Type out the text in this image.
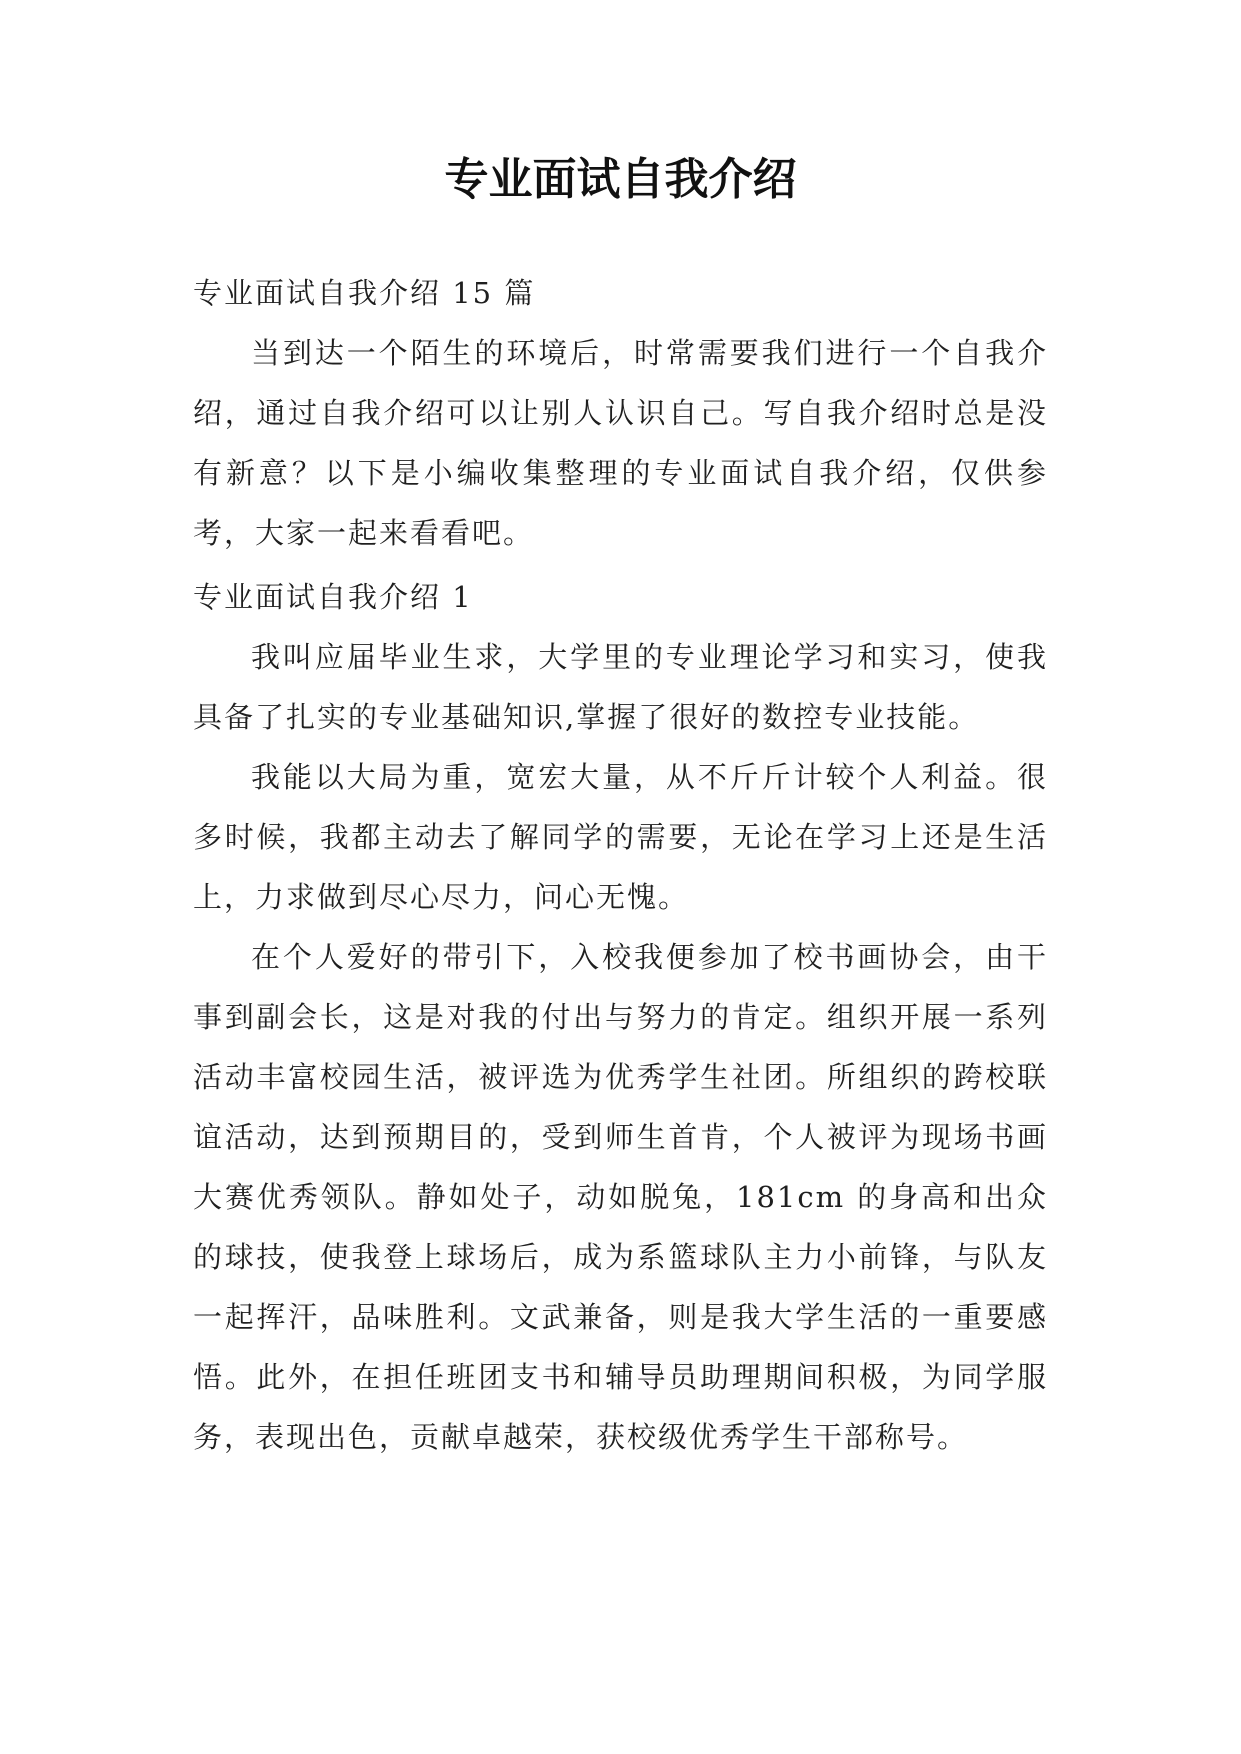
专业面试自我介绍

专业面试自我介绍 15 篇

当到达一个陌生的环境后，时常需要我们进行一个自我介绍，通过自我介绍可以让别人认识自己。写自我介绍时总是没有新意？以下是小编收集整理的专业面试自我介绍，仅供参考，大家一起来看看吧。

专业面试自我介绍 1

我叫应届毕业生求，大学里的专业理论学习和实习，使我具备了扎实的专业基础知识,掌握了很好的数控专业技能。

我能以大局为重，宽宏大量，从不斤斤计较个人利益。很多时候，我都主动去了解同学的需要，无论在学习上还是生活上，力求做到尽心尽力，问心无愧。

在个人爱好的带引下，入校我便参加了校书画协会，由干事到副会长，这是对我的付出与努力的肯定。组织开展一系列活动丰富校园生活，被评选为优秀学生社团。所组织的跨校联谊活动，达到预期目的，受到师生首肯，个人被评为现场书画大赛优秀领队。静如处子，动如脱兔，181cm 的身高和出众的球技，使我登上球场后，成为系篮球队主力小前锋，与队友一起挥汗，品味胜利。文武兼备，则是我大学生活的一重要感悟。此外，在担任班团支书和辅导员助理期间积极，为同学服务，表现出色，贡献卓越荣，获校级优秀学生干部称号。
